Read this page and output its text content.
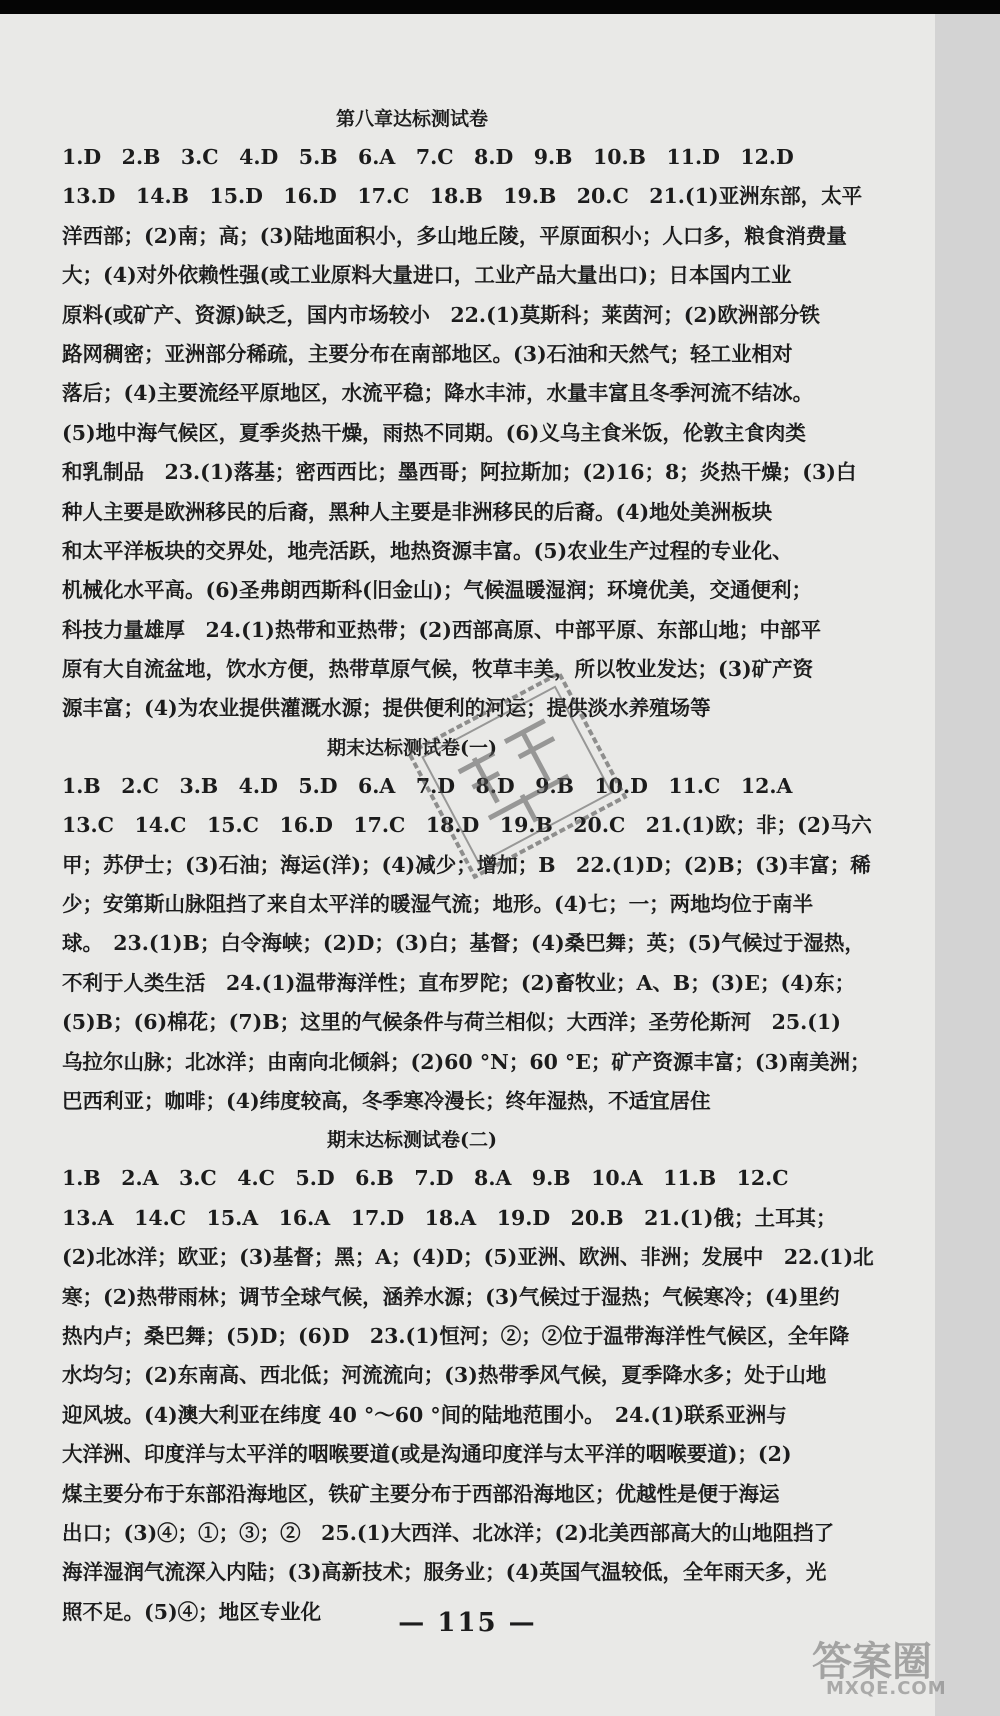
第八章达标测试卷
1.D　2.B　3.C　4.D　5.B　6.A　7.C　8.D　9.B　10.B　11.D　12.D
13.D　14.B　15.D　16.D　17.C　18.B　19.B　20.C　21.(1)亚洲东部，太平
洋西部；(2)南；高；(3)陆地面积小，多山地丘陵，平原面积小；人口多，粮食消费量
大；(4)对外依赖性强(或工业原料大量进口，工业产品大量出口)；日本国内工业
原料(或矿产、资源)缺乏，国内市场较小　22.(1)莫斯科；莱茵河；(2)欧洲部分铁
路网稠密；亚洲部分稀疏，主要分布在南部地区。(3)石油和天然气；轻工业相对
落后；(4)主要流经平原地区，水流平稳；降水丰沛，水量丰富且冬季河流不结冰。
(5)地中海气候区，夏季炎热干燥，雨热不同期。(6)义乌主食米饭，伦敦主食肉类
和乳制品　23.(1)落基；密西西比；墨西哥；阿拉斯加；(2)16；8；炎热干燥；(3)白
种人主要是欧洲移民的后裔，黑种人主要是非洲移民的后裔。(4)地处美洲板块
和太平洋板块的交界处，地壳活跃，地热资源丰富。(5)农业生产过程的专业化、
机械化水平高。(6)圣弗朗西斯科(旧金山)；气候温暖湿润；环境优美，交通便利；
科技力量雄厚　24.(1)热带和亚热带；(2)西部高原、中部平原、东部山地；中部平
原有大自流盆地，饮水方便，热带草原气候，牧草丰美，所以牧业发达；(3)矿产资
源丰富；(4)为农业提供灌溉水源；提供便利的河运；提供淡水养殖场等
期末达标测试卷(一)
1.B　2.C　3.B　4.D　5.D　6.A　7.D　8.D　9.B　10.D　11.C　12.A
13.C　14.C　15.C　16.D　17.C　18.D　19.B　20.C　21.(1)欧；非；(2)马六
甲；苏伊士；(3)石油；海运(洋)；(4)减少；增加；B　22.(1)D；(2)B；(3)丰富；稀
少；安第斯山脉阻挡了来自太平洋的暖湿气流；地形。(4)七；一；两地均位于南半
球。　23.(1)B；白令海峡；(2)D；(3)白；基督；(4)桑巴舞；英；(5)气候过于湿热，
不利于人类生活　24.(1)温带海洋性；直布罗陀；(2)畜牧业；A、B；(3)E；(4)东；
(5)B；(6)棉花；(7)B；这里的气候条件与荷兰相似；大西洋；圣劳伦斯河　25.(1)
乌拉尔山脉；北冰洋；由南向北倾斜；(2)60 °N；60 °E；矿产资源丰富；(3)南美洲；
巴西利亚；咖啡；(4)纬度较高，冬季寒冷漫长；终年湿热，不适宜居住
期末达标测试卷(二)
1.B　2.A　3.C　4.C　5.D　6.B　7.D　8.A　9.B　10.A　11.B　12.C
13.A　14.C　15.A　16.A　17.D　18.A　19.D　20.B　21.(1)俄；土耳其；
(2)北冰洋；欧亚；(3)基督；黑；A；(4)D；(5)亚洲、欧洲、非洲；发展中　22.(1)北
寒；(2)热带雨林；调节全球气候，涵养水源；(3)气候过于湿热；气候寒冷；(4)里约
热内卢；桑巴舞；(5)D；(6)D　23.(1)恒河；②；②位于温带海洋性气候区，全年降
水均匀；(2)东南高、西北低；河流流向；(3)热带季风气候，夏季降水多；处于山地
迎风坡。(4)澳大利亚在纬度 40 °～60 °间的陆地范围小。　24.(1)联系亚洲与
大洋洲、印度洋与太平洋的咽喉要道(或是沟通印度洋与太平洋的咽喉要道)；(2)
煤主要分布于东部沿海地区，铁矿主要分布于西部沿海地区；优越性是便于海运
出口；(3)④；①；③；②　25.(1)大西洋、北冰洋；(2)北美西部高大的山地阻挡了
海洋湿润气流深入内陆；(3)高新技术；服务业；(4)英国气温较低，全年雨天多，光
照不足。(5)④；地区专业化	— 115 —
答案圈
MXQE.COM
